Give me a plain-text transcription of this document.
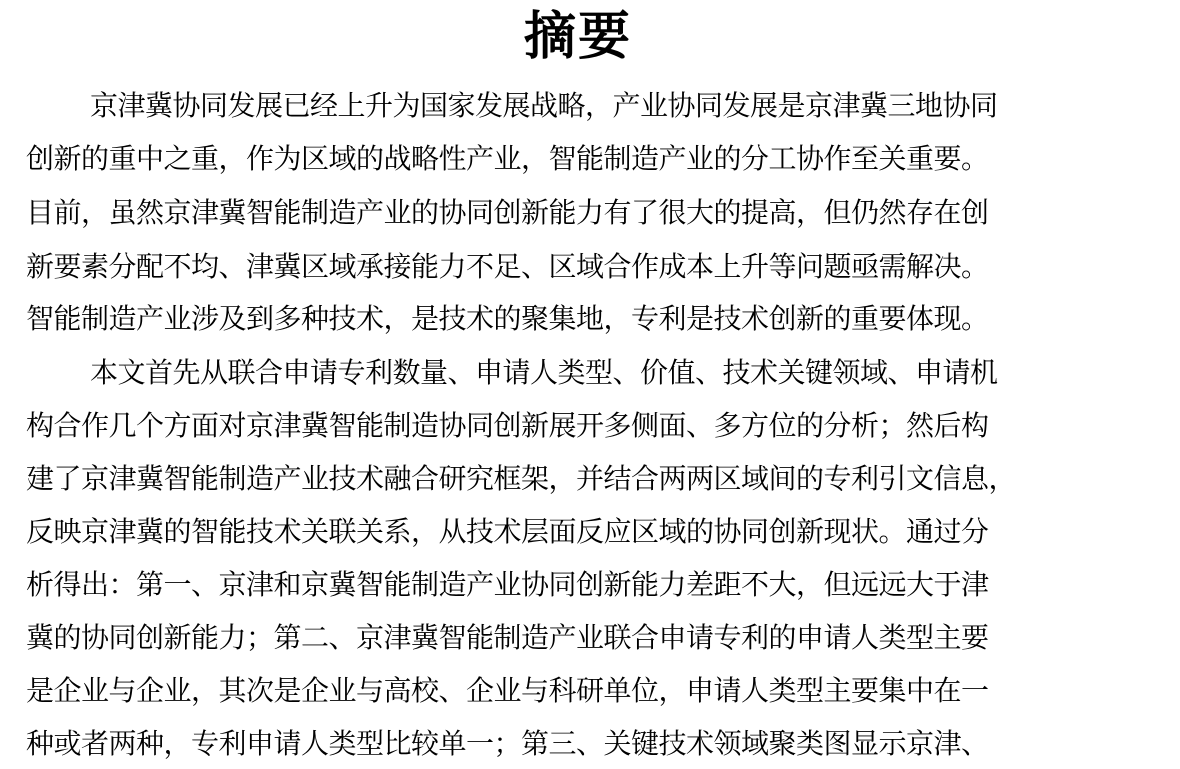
摘要
京津冀协同发展已经上升为国家发展战略，产业协同发展是京津冀三地协同
创新的重中之重，作为区域的战略性产业，智能制造产业的分工协作至关重要。
目前，虽然京津冀智能制造产业的协同创新能力有了很大的提高，但仍然存在创
新要素分配不均、津冀区域承接能力不足、区域合作成本上升等问题亟需解决。
智能制造产业涉及到多种技术，是技术的聚集地，专利是技术创新的重要体现。
本文首先从联合申请专利数量、申请人类型、价值、技术关键领域、申请机
构合作几个方面对京津冀智能制造协同创新展开多侧面、多方位的分析；然后构
建了京津冀智能制造产业技术融合研究框架，并结合两两区域间的专利引文信息，
反映京津冀的智能技术关联关系，从技术层面反应区域的协同创新现状。通过分
析得出：第一、京津和京冀智能制造产业协同创新能力差距不大，但远远大于津
冀的协同创新能力；第二、京津冀智能制造产业联合申请专利的申请人类型主要
是企业与企业，其次是企业与高校、企业与科研单位，申请人类型主要集中在一
种或者两种，专利申请人类型比较单一；第三、关键技术领域聚类图显示京津、
